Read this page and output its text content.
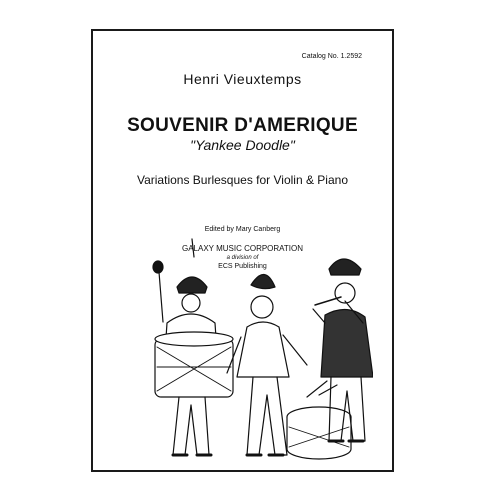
Catalog No. 1.2592
Henri Vieuxtemps
SOUVENIR D'AMERIQUE
"Yankee Doodle"
Variations Burlesques for Violin & Piano
Edited by Mary Canberg
GALAXY MUSIC CORPORATION
a division of
ECS Publishing
